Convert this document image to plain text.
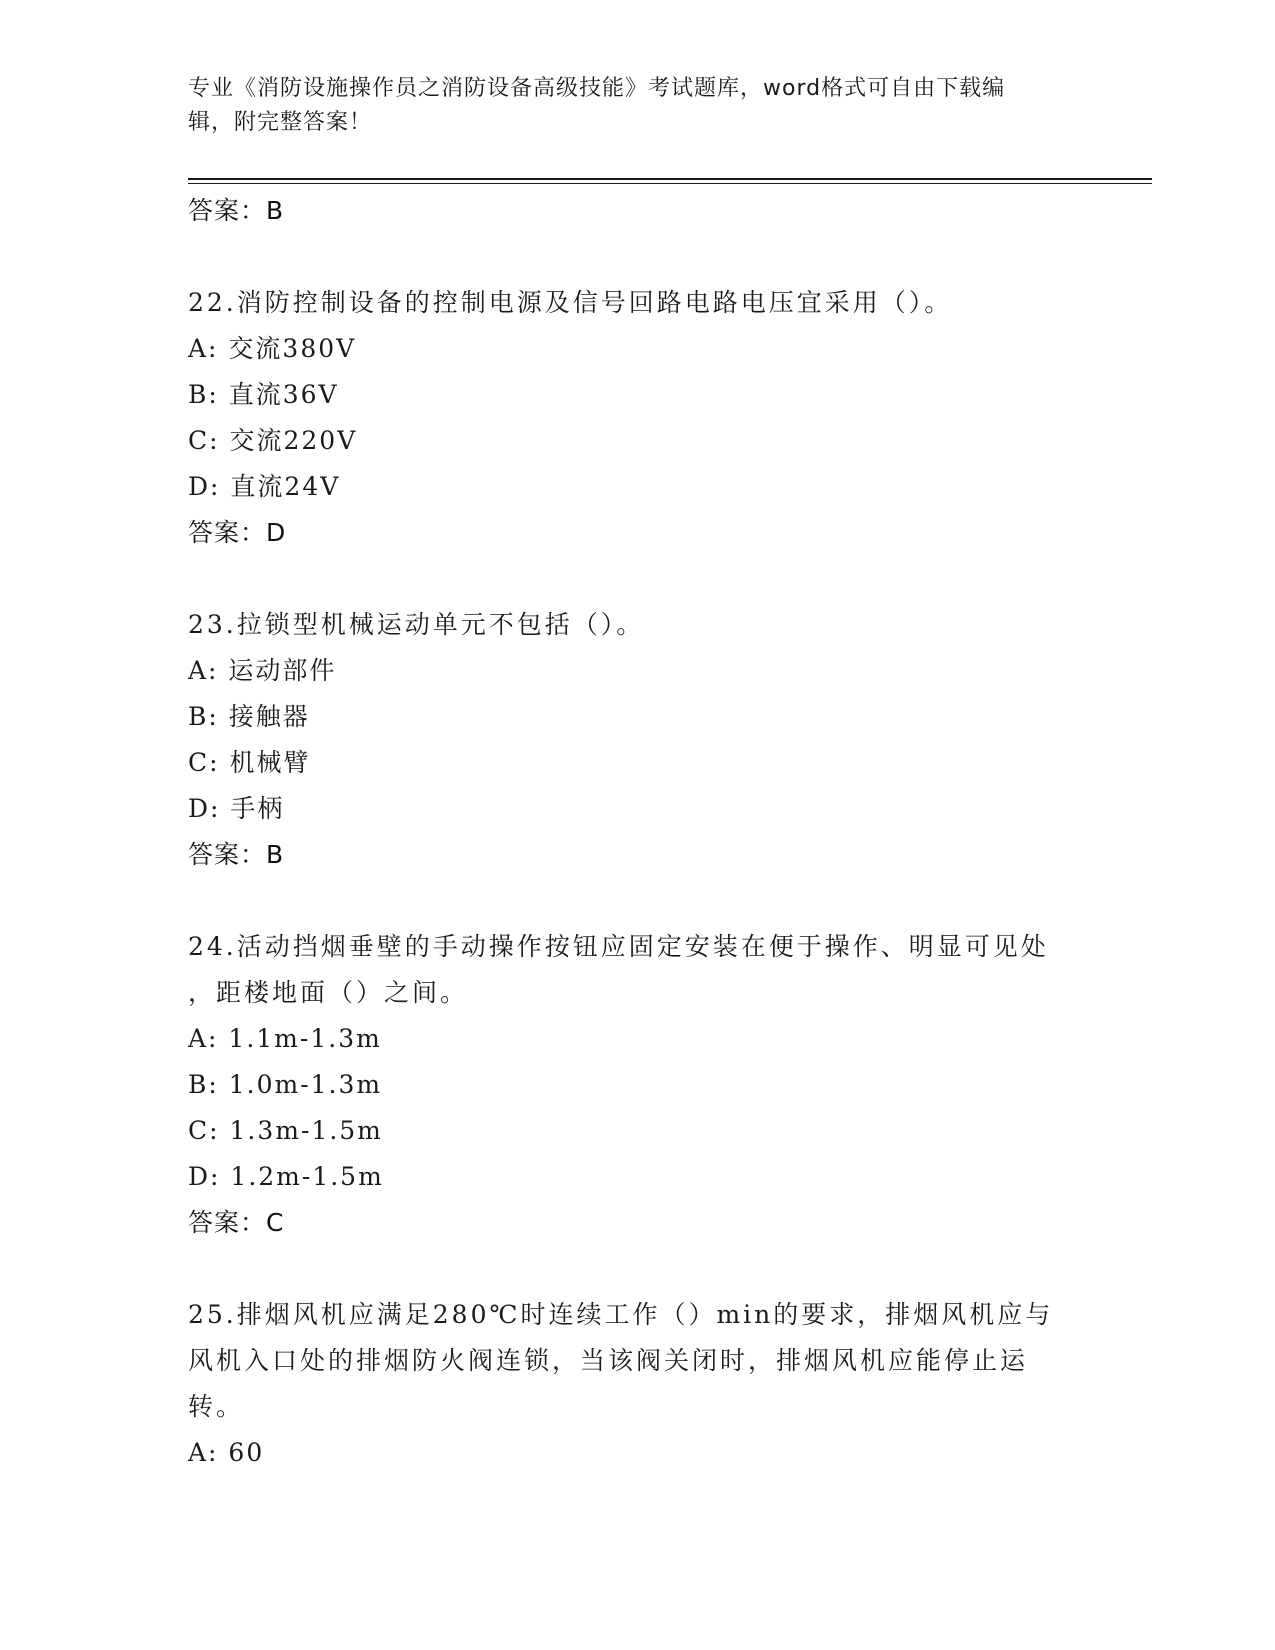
专业《消防设施操作员之消防设备高级技能》考试题库，word格式可自由下载编
辑，附完整答案！
答案：B
22.消防控制设备的控制电源及信号回路电路电压宜采用（）。
A: 交流380V
B: 直流36V
C: 交流220V
D: 直流24V
答案：D
23.拉锁型机械运动单元不包括（）。
A: 运动部件
B: 接触器
C: 机械臂
D: 手柄
答案：B
24.活动挡烟垂壁的手动操作按钮应固定安装在便于操作、明显可见处
，距楼地面（）之间。
A: 1.1m-1.3m
B: 1.0m-1.3m
C: 1.3m-1.5m
D: 1.2m-1.5m
答案：C
25.排烟风机应满足280℃时连续工作（）min的要求，排烟风机应与
风机入口处的排烟防火阀连锁，当该阀关闭时，排烟风机应能停止运
转。
A: 60
